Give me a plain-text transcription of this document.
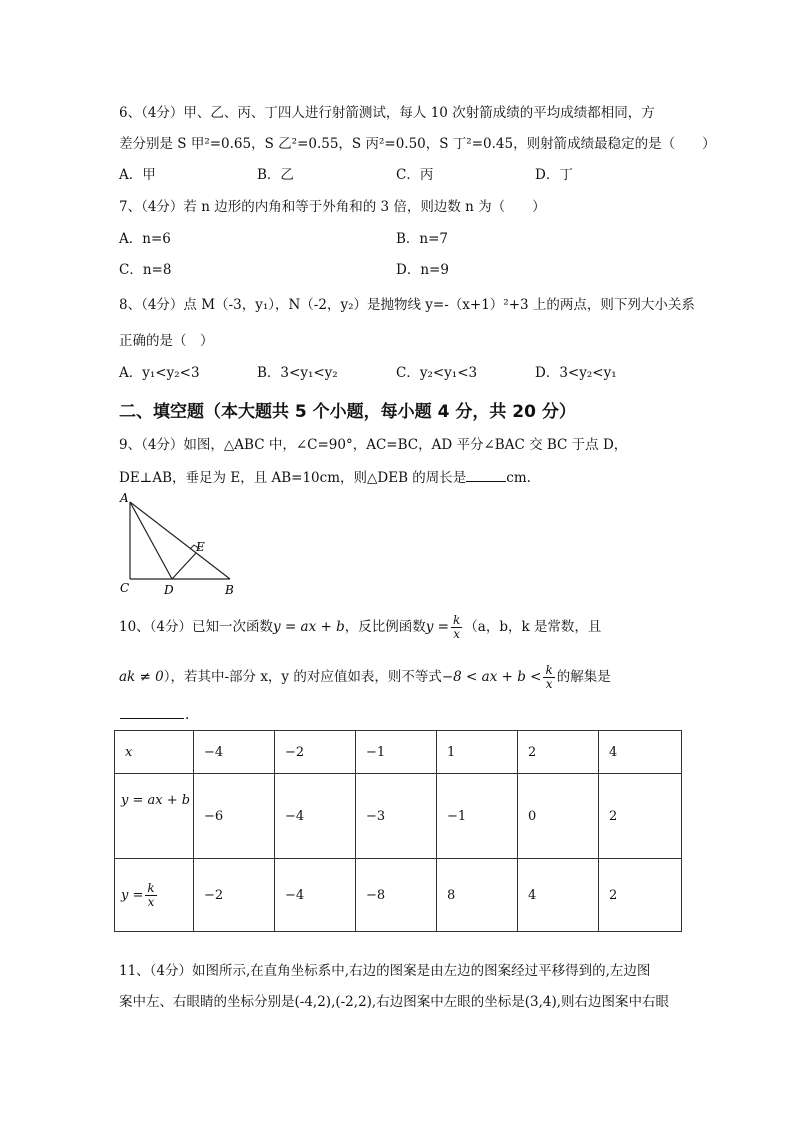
6、（4分）甲、乙、丙、丁四人进行射箭测试，每人 10 次射箭成绩的平均成绩都相同，方
差分别是 S 甲²=0.65，S 乙²=0.55，S 丙²=0.50，S 丁²=0.45，则射箭成绩最稳定的是（　　）
A．甲	B．乙	C．丙	D．丁
7、（4分）若 n 边形的内角和等于外角和的 3 倍，则边数 n 为（　　）
A．n=6	B．n=7
C．n=8	D．n=9
8、（4分）点 M（-3，y₁），N（-2，y₂）是抛物线 y=-（x+1）²+3 上的两点，则下列大小关系
正确的是（　）
A．y₁<y₂<3	B．3<y₁<y₂	C．y₂<y₁<3	D．3<y₂<y₁
二、填空题（本大题共 5 个小题，每小题 4 分，共 20 分）
9、（4分）如图，△ABC 中，∠C=90°，AC=BC，AD 平分∠BAC 交 BC 于点 D，
DE⊥AB，垂足为 E，且 AB=10cm，则△DEB 的周长是	cm.
A
E
C	D	B
10、（4分）已知一次函数y = ax + b，反比例函数$y = \frac{k}{x} (a$，b，k 是常数，且
ak ≠ 0），若其中-部分 x，y 的对应值如表，则不等式−8 < ax + $b < \frac{k}{x}$ 的解集是
.
x	−4	−2	−1	1	2	4
y = ax + b	−6	−4	−3	−1	0	2
$y = \frac{k}{x}$	−2	−4	−8	8	4	2
11、（4分）如图所示,在直角坐标系中,右边的图案是由左边的图案经过平移得到的,左边图
案中左、右眼睛的坐标分别是(-4,2),(-2,2),右边图案中左眼的坐标是(3,4),则右边图案中右眼
